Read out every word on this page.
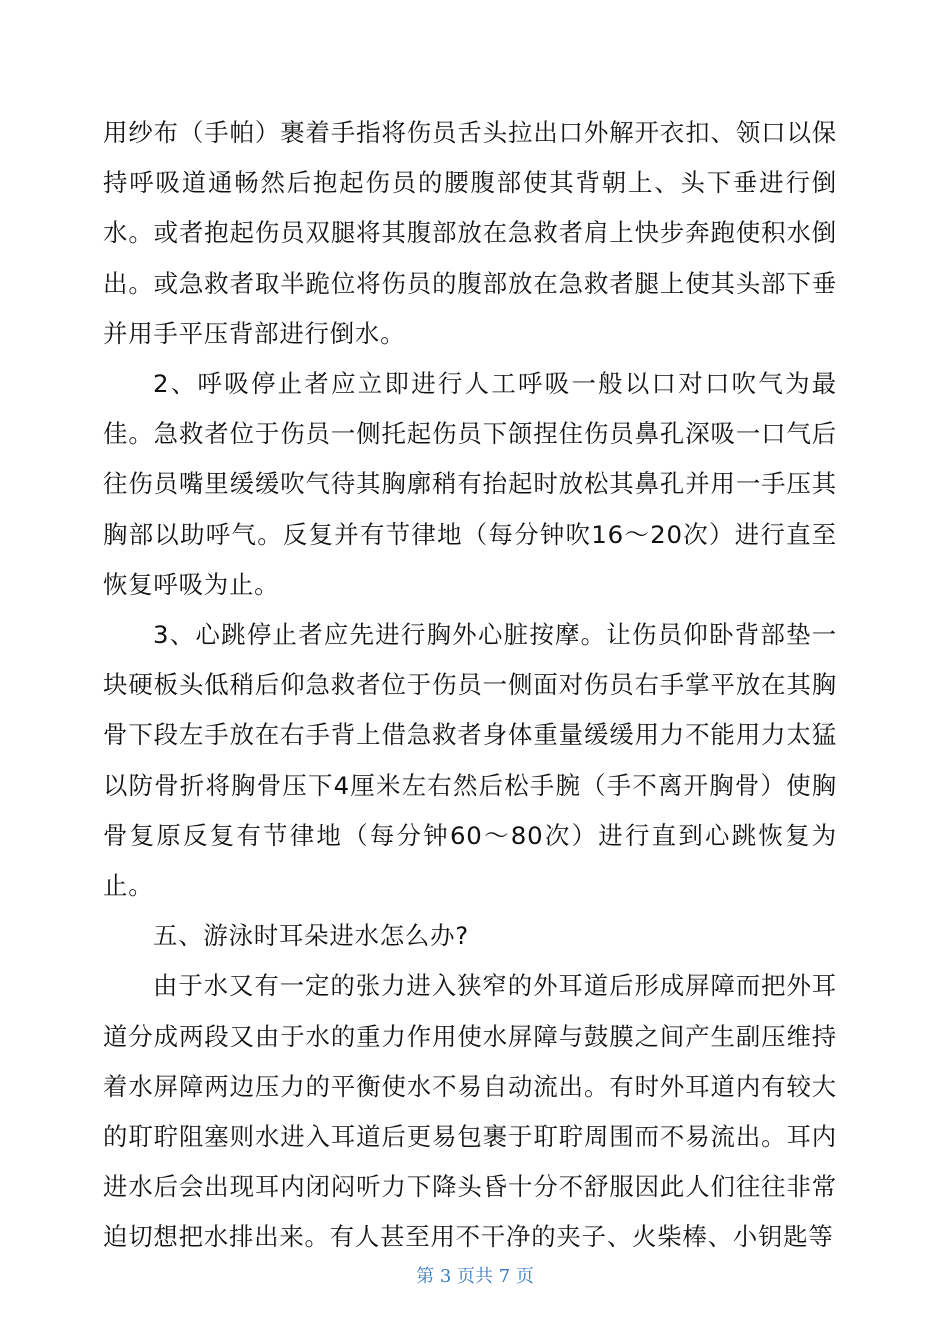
用纱布（手帕）裹着手指将伤员舌头拉出口外解开衣扣、领口以保持呼吸道通畅然后抱起伤员的腰腹部使其背朝上、头下垂进行倒水。或者抱起伤员双腿将其腹部放在急救者肩上快步奔跑使积水倒出。或急救者取半跪位将伤员的腹部放在急救者腿上使其头部下垂并用手平压背部进行倒水。

2、呼吸停止者应立即进行人工呼吸一般以口对口吹气为最佳。急救者位于伤员一侧托起伤员下颌捏住伤员鼻孔深吸一口气后往伤员嘴里缓缓吹气待其胸廓稍有抬起时放松其鼻孔并用一手压其胸部以助呼气。反复并有节律地（每分钟吹16～20次）进行直至恢复呼吸为止。

3、心跳停止者应先进行胸外心脏按摩。让伤员仰卧背部垫一块硬板头低稍后仰急救者位于伤员一侧面对伤员右手掌平放在其胸骨下段左手放在右手背上借急救者身体重量缓缓用力不能用力太猛以防骨折将胸骨压下4厘米左右然后松手腕（手不离开胸骨）使胸骨复原反复有节律地（每分钟60～80次）进行直到心跳恢复为止。

五、游泳时耳朵进水怎么办?

由于水又有一定的张力进入狭窄的外耳道后形成屏障而把外耳道分成两段又由于水的重力作用使水屏障与鼓膜之间产生副压维持着水屏障两边压力的平衡使水不易自动流出。有时外耳道内有较大的耵聍阻塞则水进入耳道后更易包裹于耵聍周围而不易流出。耳内进水后会出现耳内闭闷听力下降头昏十分不舒服因此人们往往非常迫切想把水排出来。有人甚至用不干净的夹子、火柴棒、小钥匙等

第 3 页共 7 页
